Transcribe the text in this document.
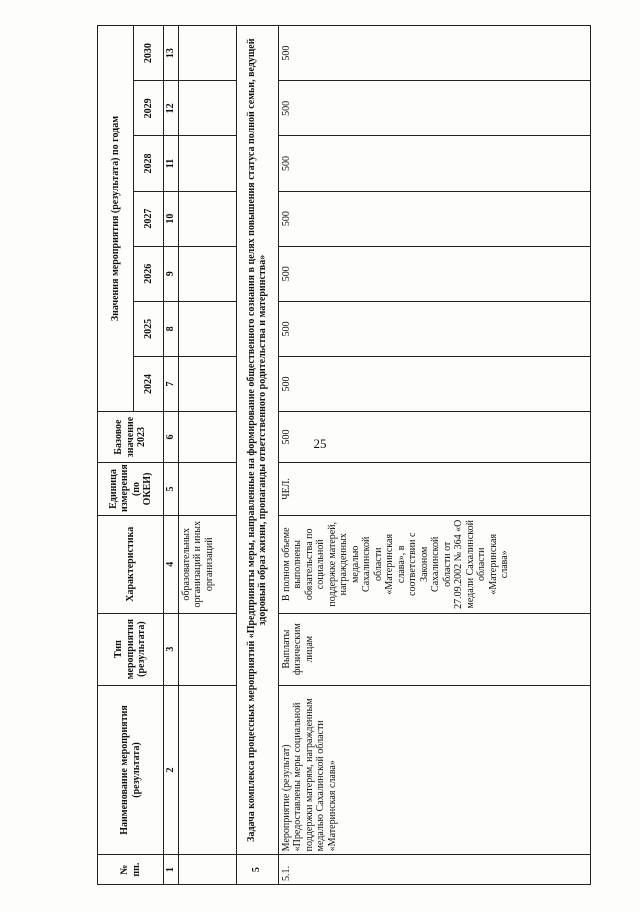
25
№ пп.	Наименование мероприятия (результата)	Тип мероприятия (результата)	Характеристика	Единица измерения (по ОКЕИ)	Базовое значение 2023	Значения мероприятия (результата) по годам						
						2024	2025	2026	2027	2028	2029	2030
1	2	3	4	5	6	7	8	9	10	11	12	13
			образовательных организаций и иных организаций									
5	Задача комплекса процессных мероприятий «Предприняты меры, направленные на формирование общественного сознания в целях повышения статуса полной семьи, ведущей здоровый образ жизни, пропаганды ответственного родительства и материнства»											
5.1.	Мероприятие (результат) «Предоставлены меры социальной поддержки матерям, награжденным медалью Сахалинской области «Материнская слава»	Выплаты физическим лицам	В полном объеме выполнены обязательства по социальной поддержке матерей, награжденных медалью Сахалинской области «Материнская слава», в соответствии с Законом Сахалинской области от 27.09.2002 № 364 «О медали Сахалинской области «Материнская слава»	ЧЕЛ.	500	500	500	500	500	500	500	500
